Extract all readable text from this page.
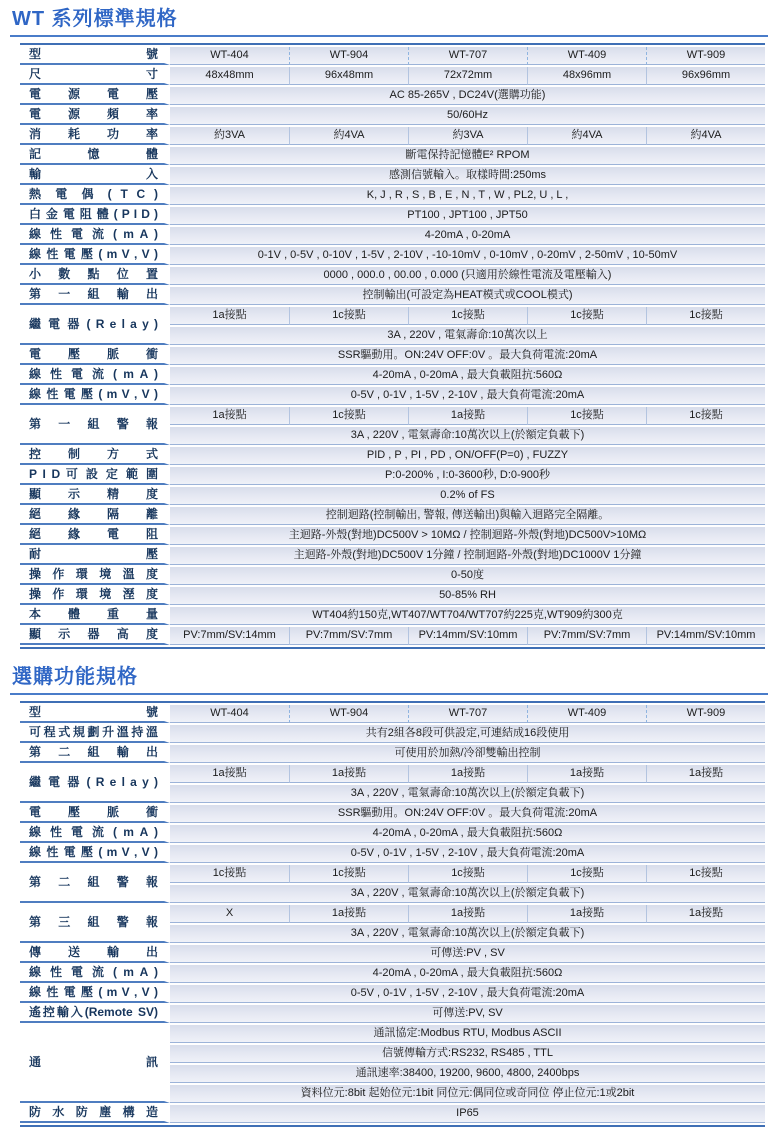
WT 系列標準規格
型 號	WT-404	WT-904	WT-707	WT-409	WT-909
尺 寸	48x48mm	96x48mm	72x72mm	48x96mm	96x96mm
電 源 電 壓	AC 85-265V , DC24V(選購功能)				
電 源 頻 率	50/60Hz				
消 耗 功 率	約3VA	約4VA	約3VA	約4VA	約4VA
記 憶 體	斷電保持記憶體E² RPOM				
輸 入	感測信號輸入。取樣時間:250ms				
熱 電 偶 ( T C )	K, J , R , S , B , E , N , T , W , PL2, U , L ,				
白 金 電 阻 體 ( P I D )	PT100 , JPT100 , JPT50				
線 性 電 流 ( m A )	4-20mA , 0-20mA				
線 性 電 壓 ( m V , V )	0-1V , 0-5V , 0-10V , 1-5V , 2-10V , -10-10mV , 0-10mV , 0-20mV , 2-50mV , 10-50mV				
小 數 點 位 置	0000 , 000.0 , 00.00 , 0.000 (只適用於線性電流及電壓輸入)				
第 一 組 輸 出	控制輸出(可設定為HEAT模式或COOL模式)				
繼 電 器 ( R e l a y )	1a接點	1c接點	1c接點	1c接點	1c接點
	3A , 220V , 電氣壽命:10萬次以上				
電 壓 脈 衝	SSR驅動用。ON:24V OFF:0V 。最大負荷電流:20mA				
線 性 電 流 ( m A )	4-20mA , 0-20mA , 最大負載阻抗:560Ω				
線 性 電 壓 ( m V , V )	0-5V , 0-1V , 1-5V , 2-10V , 最大負荷電流:20mA				
第 一 組 警 報	1a接點	1c接點	1a接點	1c接點	1c接點
	3A , 220V , 電氣壽命:10萬次以上(於額定負載下)				
控 制 方 式	PID , P , PI , PD , ON/OFF(P=0) , FUZZY				
P I D 可 設 定 範 圍	P:0-200% , I:0-3600秒, D:0-900秒				
顯 示 精 度	0.2% of FS				
絕 緣 隔 離	控制迴路(控制輸出, 警報, 傳送輸出)與輸入迴路完全隔離。				
絕 緣 電 阻	主迴路-外殼(對地)DC500V > 10MΩ / 控制迴路-外殼(對地)DC500V>10MΩ				
耐 壓	主迴路-外殼(對地)DC500V 1分鐘 / 控制迴路-外殼(對地)DC1000V 1分鐘				
操 作 環 境 溫 度	0-50度				
操 作 環 境 溼 度	50-85% RH				
本 體 重 量	WT404約150克,WT407/WT704/WT707約225克,WT909約300克				
顯 示 器 高 度	PV:7mm/SV:14mm	PV:7mm/SV:7mm	PV:14mm/SV:10mm	PV:7mm/SV:7mm	PV:14mm/SV:10mm
選購功能規格
型 號	WT-404	WT-904	WT-707	WT-409	WT-909
可程式規劃升溫持溫	共有2組各8段可供設定,可連結成16段使用				
第 二 組 輸 出	可使用於加熱/冷卻雙輸出控制				
繼 電 器 ( R e l a y )	1a接點	1a接點	1a接點	1a接點	1a接點
	3A , 220V , 電氣壽命:10萬次以上(於額定負載下)				
電 壓 脈 衝	SSR驅動用。ON:24V OFF:0V 。最大負荷電流:20mA				
線 性 電 流 ( m A )	4-20mA , 0-20mA , 最大負載阻抗:560Ω				
線 性 電 壓 ( m V , V )	0-5V , 0-1V , 1-5V , 2-10V , 最大負荷電流:20mA				
第 二 組 警 報	1c接點	1c接點	1c接點	1c接點	1c接點
	3A , 220V , 電氣壽命:10萬次以上(於額定負載下)				
第 三 組 警 報	X	1a接點	1a接點	1a接點	1a接點
	3A , 220V , 電氣壽命:10萬次以上(於額定負載下)				
傳 送 輸 出	可傳送:PV , SV				
線 性 電 流 ( m A )	4-20mA , 0-20mA , 最大負載阻抗:560Ω				
線 性 電 壓 ( m V , V )	0-5V , 0-1V , 1-5V , 2-10V , 最大負荷電流:20mA				
遙控輸入(Remote SV)	可傳送:PV, SV				
通 訊	通訊協定:Modbus RTU, Modbus ASCII				
	信號傳輸方式:RS232, RS485 , TTL				
	通訊速率:38400, 19200, 9600, 4800, 2400bps				
	資料位元:8bit 起始位元:1bit 同位元:偶同位或奇同位 停止位元:1或2bit				
防 水 防 塵 構 造	IP65				
